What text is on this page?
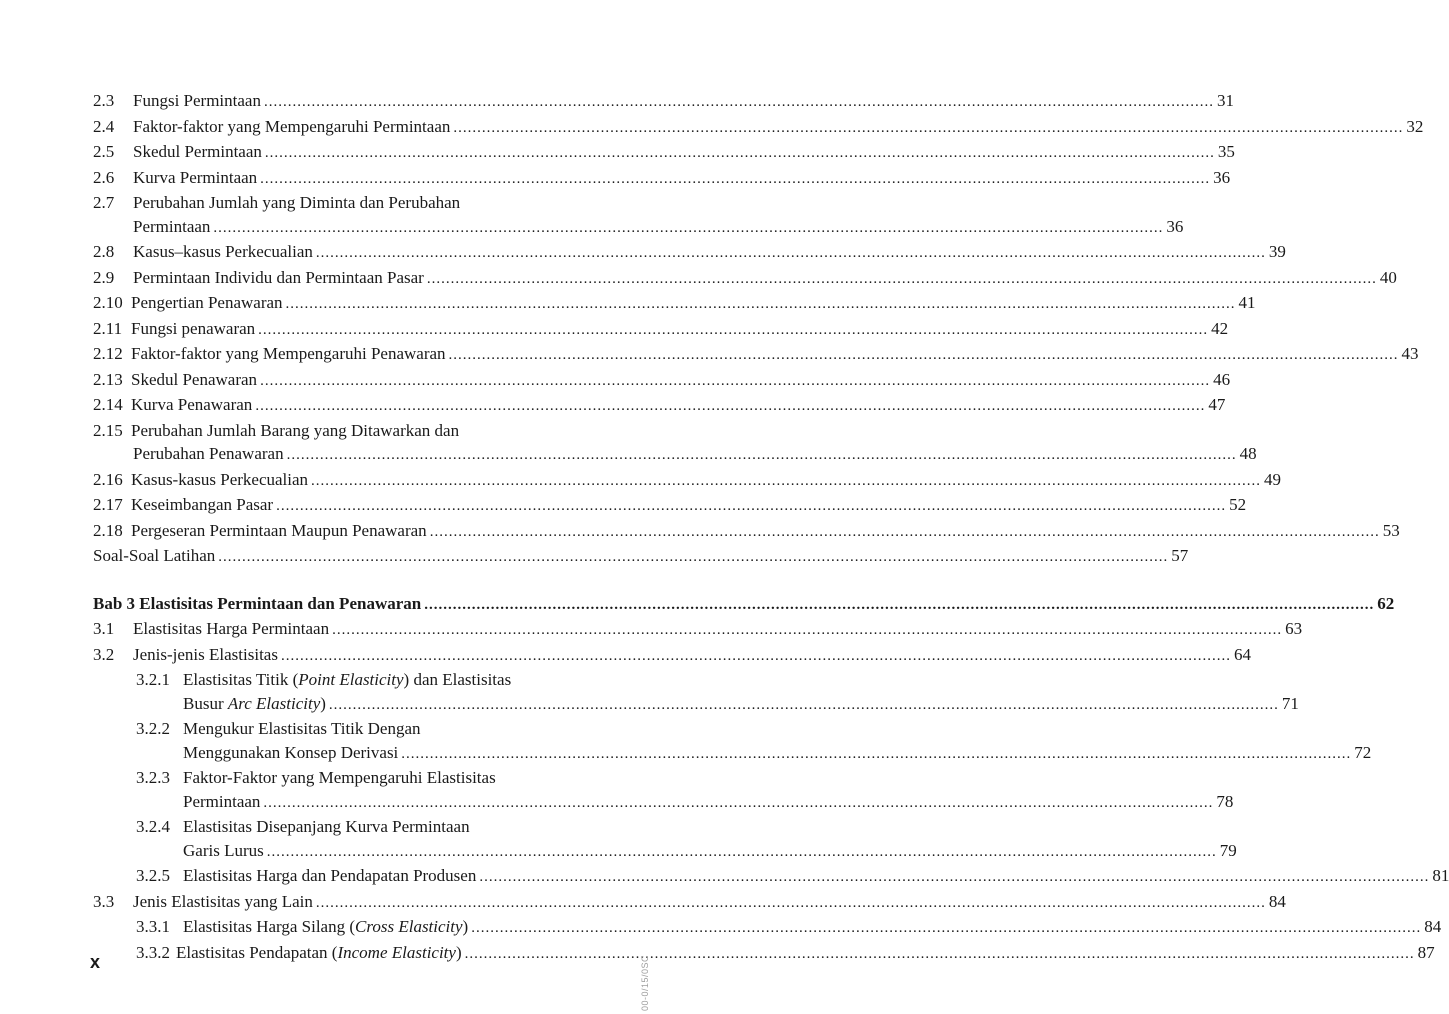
2.3	Fungsi Permintaan .....	31
2.4	Faktor-faktor yang Mempengaruhi Permintaan .....	32
2.5	Skedul Permintaan .....	35
2.6	Kurva Permintaan .....	36
2.7	Perubahan Jumlah yang Diminta dan Perubahan
Permintaan .....	36
2.8	Kasus–kasus Perkecualian .....	39
2.9	Permintaan Individu dan Permintaan Pasar .....	40
2.10 Pengertian Penawaran .....	41
2.11 Fungsi penawaran .....	42
2.12 Faktor-faktor yang Mempengaruhi Penawaran .....	43
2.13 Skedul Penawaran .....	46
2.14 Kurva Penawaran .....	47
2.15 Perubahan Jumlah Barang yang Ditawarkan dan
Perubahan Penawaran .....	48
2.16 Kasus-kasus Perkecualian .....	49
2.17 Keseimbangan Pasar .....	52
2.18 Pergeseran Permintaan Maupun Penawaran .....	53
Soal-Soal Latihan .....	57
Bab 3 Elastisitas Permintaan dan Penawaran .....	62
3.1	Elastisitas Harga Permintaan .....	63
3.2	Jenis-jenis Elastisitas .....	64
3.2.1 Elastisitas Titik (Point Elasticity) dan Elastisitas
Busur Arc Elasticity) .....	71
3.2.2 Mengukur Elastisitas Titik Dengan
Menggunakan Konsep Derivasi .....	72
3.2.3 Faktor-Faktor yang Mempengaruhi Elastisitas
Permintaan .....	78
3.2.4 Elastisitas Disepanjang Kurva Permintaan
Garis Lurus .....	79
3.2.5 Elastisitas Harga dan Pendapatan Produsen .....	81
3.3	Jenis Elastisitas yang Lain .....	84
3.3.1 Elastisitas Harga Silang (Cross Elasticity) .....	84
3.3.2 Elastisitas Pendapatan (Income Elasticity) .....	87
x	00-0/15/0SC
